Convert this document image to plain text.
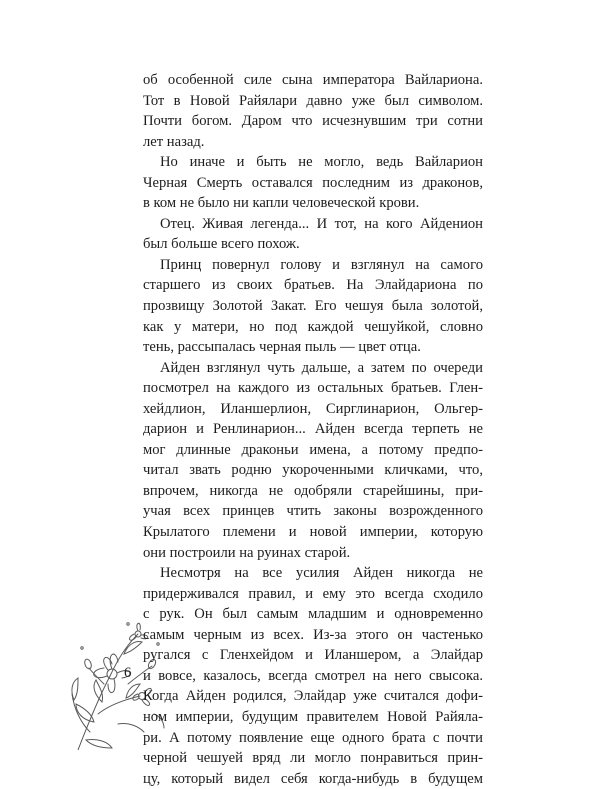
об особенной силе сына императора Вайлариона.
Тот в Новой Райялари давно уже был символом.
Почти богом. Даром что исчезнувшим три сотни
лет назад.
Но иначе и быть не могло, ведь Вайларион
Черная Смерть оставался последним из драконов,
в ком не было ни капли человеческой крови.
Отец. Живая легенда... И тот, на кого Айденион
был больше всего похож.
Принц повернул голову и взглянул на самого
старшего из своих братьев. На Элайдариона по
прозвищу Золотой Закат. Его чешуя была золотой,
как у матери, но под каждой чешуйкой, словно
тень, рассыпалась черная пыль — цвет отца.
Айден взглянул чуть дальше, а затем по очереди
посмотрел на каждого из остальных братьев. Глен-
хейдлион, Иланшерлион, Сирглинарион, Ольгер-
дарион и Ренлинарион... Айден всегда терпеть не
мог длинные драконьи имена, а потому предпо-
читал звать родню укороченными кличками, что,
впрочем, никогда не одобряли старейшины, при-
учая всех принцев чтить законы возрожденного
Крылатого племени и новой империи, которую
они построили на руинах старой.
Несмотря на все усилия Айден никогда не
придерживался правил, и ему это всегда сходило
с рук. Он был самым младшим и одновременно
самым черным из всех. Из-за этого он частенько
ругался с Гленхейдом и Иланшером, а Элайдар
и вовсе, казалось, всегда смотрел на него свысока.
Когда Айден родился, Элайдар уже считался дофи-
ном империи, будущим правителем Новой Райяла-
ри. А потому появление еще одного брата с почти
черной чешуей вряд ли могло понравиться прин-
цу, который видел себя когда-нибудь в будущем
6
